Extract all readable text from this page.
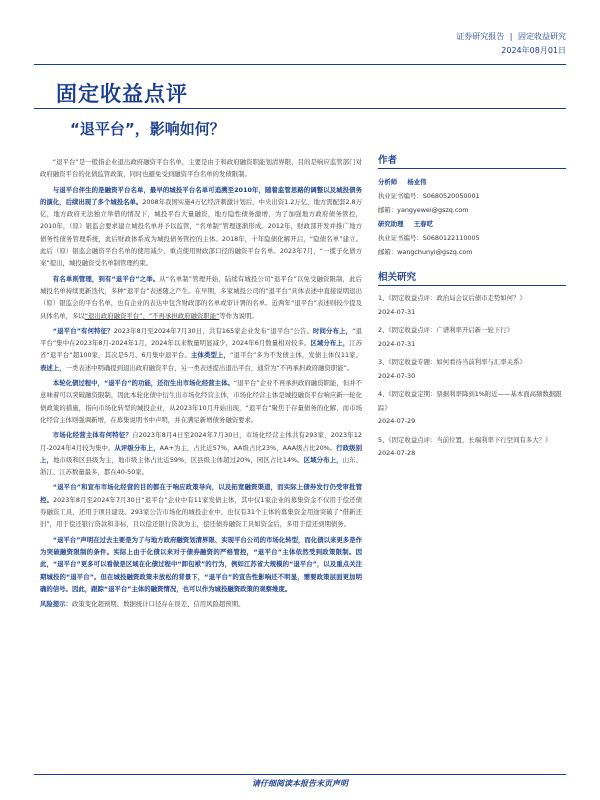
证券研究报告 | 固定收益研究
2024年08月01日
固定收益点评
“退平台”，影响如何？

“退平台”是一般指企业退出政府融资平台名单，主要是由于和政府融资职能划清界限，目的是响应监管部门对政府融资平台的化债监管政策，同时也避免受到融资平台名单的发债限制。

与退平台伴生的是融资平台名单，最早的城投平台名单可追溯至2010年，随着监管思路的调整以及城投债务的演化，后续出现了多个城投名单。2008年我国实施4万亿经济刺激计划后，中央出资1.2万亿，地方需配套2.8万亿，地方政府无法独立举借的情况下，城投平台大量融资，地方隐性债务激增，为了加强地方政府债务管控，2010年，（原）银监会要求建立城投名单并予以监管，“名单制”管理逐渐形成。2012年，财政部开发并推广地方债务性债务管理系统，此后财政体系成为城投债务管控的主体。2018年，十年隐债化解开启，“隐债名单”建立。此后（原）银监会融资平台名单的使用减少，重点使用财政部口径的融资平台名单。2023年7月，“一揽子化债方案”提出，城投融资受名单制管理约束。

有名单则管理，到有“退平台”之举。从“名单制”管理开始，陆续有城投公司“退平台”以免受融资限制，此后城投名单持续更新迭代，多种“退平台”表述随之产生。在早期，多家城投公司的“退平台”具体表述中直接说明退出（原）银监会的平台名单，也有企业的表达中包含财政部的名单或审计署的名单。近两年“退平台”表述则较少提及具体名单，多以“退出政府融资平台”、“不再承担政府融资职能”等作为说明。

“退平台”有何特征？2023年8月至2024年7月30日，共有165家企业发布“退平台”公告。时间分布上，“退平台”集中在2023年8月-2024年1月，2024年以来数量明显减少，2024年6月数量相对较多。区域分布上，江苏省“退平台”超100家，其次是5月、6月集中退平台。主体类型上，“退平台”多为不发债主体，发债主体仅11家。表述上，一类表述中明确提到退出政府融资平台，另一类表述提出退出平台，通常为“不再承担政府融资职能”。

本轮化债过程中，“退平台”的功能，还衍生出市场化经营主体。“退平台”企业不再承担政府融资职能，但并不意味着可以突破融资限制，因此本轮化债中衍生出市场化经营主体，市场化经营主体是城投融资平台响应新一轮化债政策的措施，指向市场化转型的城投企业，从2023年10月开始出现，“退平台”聚焦于存量债务的化解，而市场化经营主体则强调新增，在募集说明书中声明，并在满足新增债务融资要求。

市场化经营主体有何特征？自2023年8月4日至2024年7月30日，市场化经营主体共有293家，2023年12月-2024年4月较为集中。从评级分布上，AA+为主，占比近57%，AA级占比23%，AAA级占比20%。行政级别上，地市级和区县级为主，地市级主体占比近59%，区县级主体超过20%，园区占比14%。区域分布上，山东、浙江、江苏数量最多，都在40-50家。

“退平台”和宣布市场化经营的目的都在于响应政策导向，以及拓宽融资渠道，而实际上债券发行仍受审批管控。2023年8月至2024年7月30日“退平台”企业中有11家发债主体，其中仅1家企业的募集资金不仅用于偿还债券融资工具，还用于项目建设。293家公告市场化的城投企业中，也仅有31个主体的募集资金用途突破了“借新还旧”，用于偿还银行贷款和非标，且以偿还银行贷款为主，偿还债券融资工具如资金后，多用于偿还到期债务。

“退平台”声明在过去主要是为了与地方政府融资划清界限、实现平台公司的市场化转型，而化债以来更多是作为突破融资限制的条件。实际上由于化债以来对于债券融资的严格管控，“退平台”主体依然受到政策限制。因此，“退平台”更多可以看做是区域在化债过程中“卸包袱”的行为，例如江苏省大规模的“退平台”，以及重点关注期城投的“退平台”。但在城投融资政策未放松的背景下，“退平台”的宣告性影响还不明显，需要政策层面更加明确的信号。因此，跟踪“退平台”主体的融资情况，也可以作为城投融资政策的观察维度。

风险提示：政策变化超预期、数据统计口径存在误差、信用风险超预期。

作者
分析师 杨业伟
执业证书编号：S0680520050001
邮箱：yangyewei@gszq.com
研究助理 王春呓
执业证书编号：S0680122110005
邮箱：wangchunyi@gszq.com
相关研究
1、《固定收益点评：政治局会议后债市走势如何？》
2024-07-31
2、《固定收益点评：广谱利率开启新一轮下行》
2024-07-31
3、《固定收益专题：如何看待当前利率与汇率关系》
2024-07-30
4、《固定收益定期：票据利率降到1%附近——基本面高频数据跟踪》
2024-07-29
5、《固定收益点评：当前位置，长端利率下行空间有多大？》
2024-07-28
请仔细阅读本报告末页声明
